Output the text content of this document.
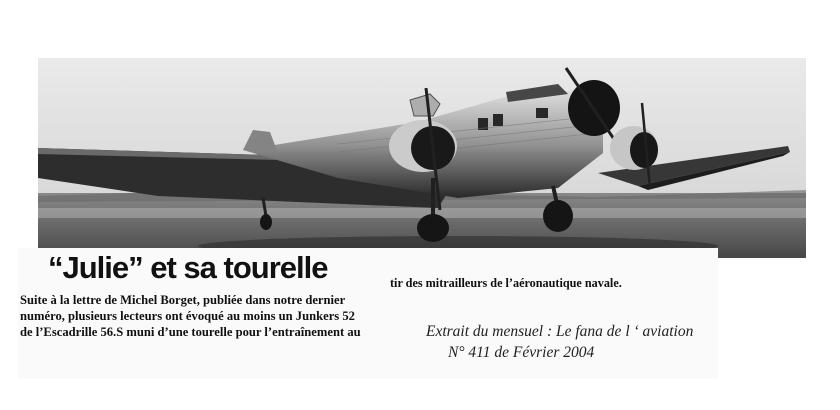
“Julie” et sa tourelle
Suite à la lettre de Michel Borget, publiée dans notre dernier
numéro, plusieurs lecteurs ont évoqué au moins un Junkers 52
de l’Escadrille 56.S muni d’une tourelle pour l’entraînement au
tir des mitrailleurs de l’aéronautique navale.
Extrait du mensuel : Le fana de l ‘ aviation
N° 411 de Février 2004
